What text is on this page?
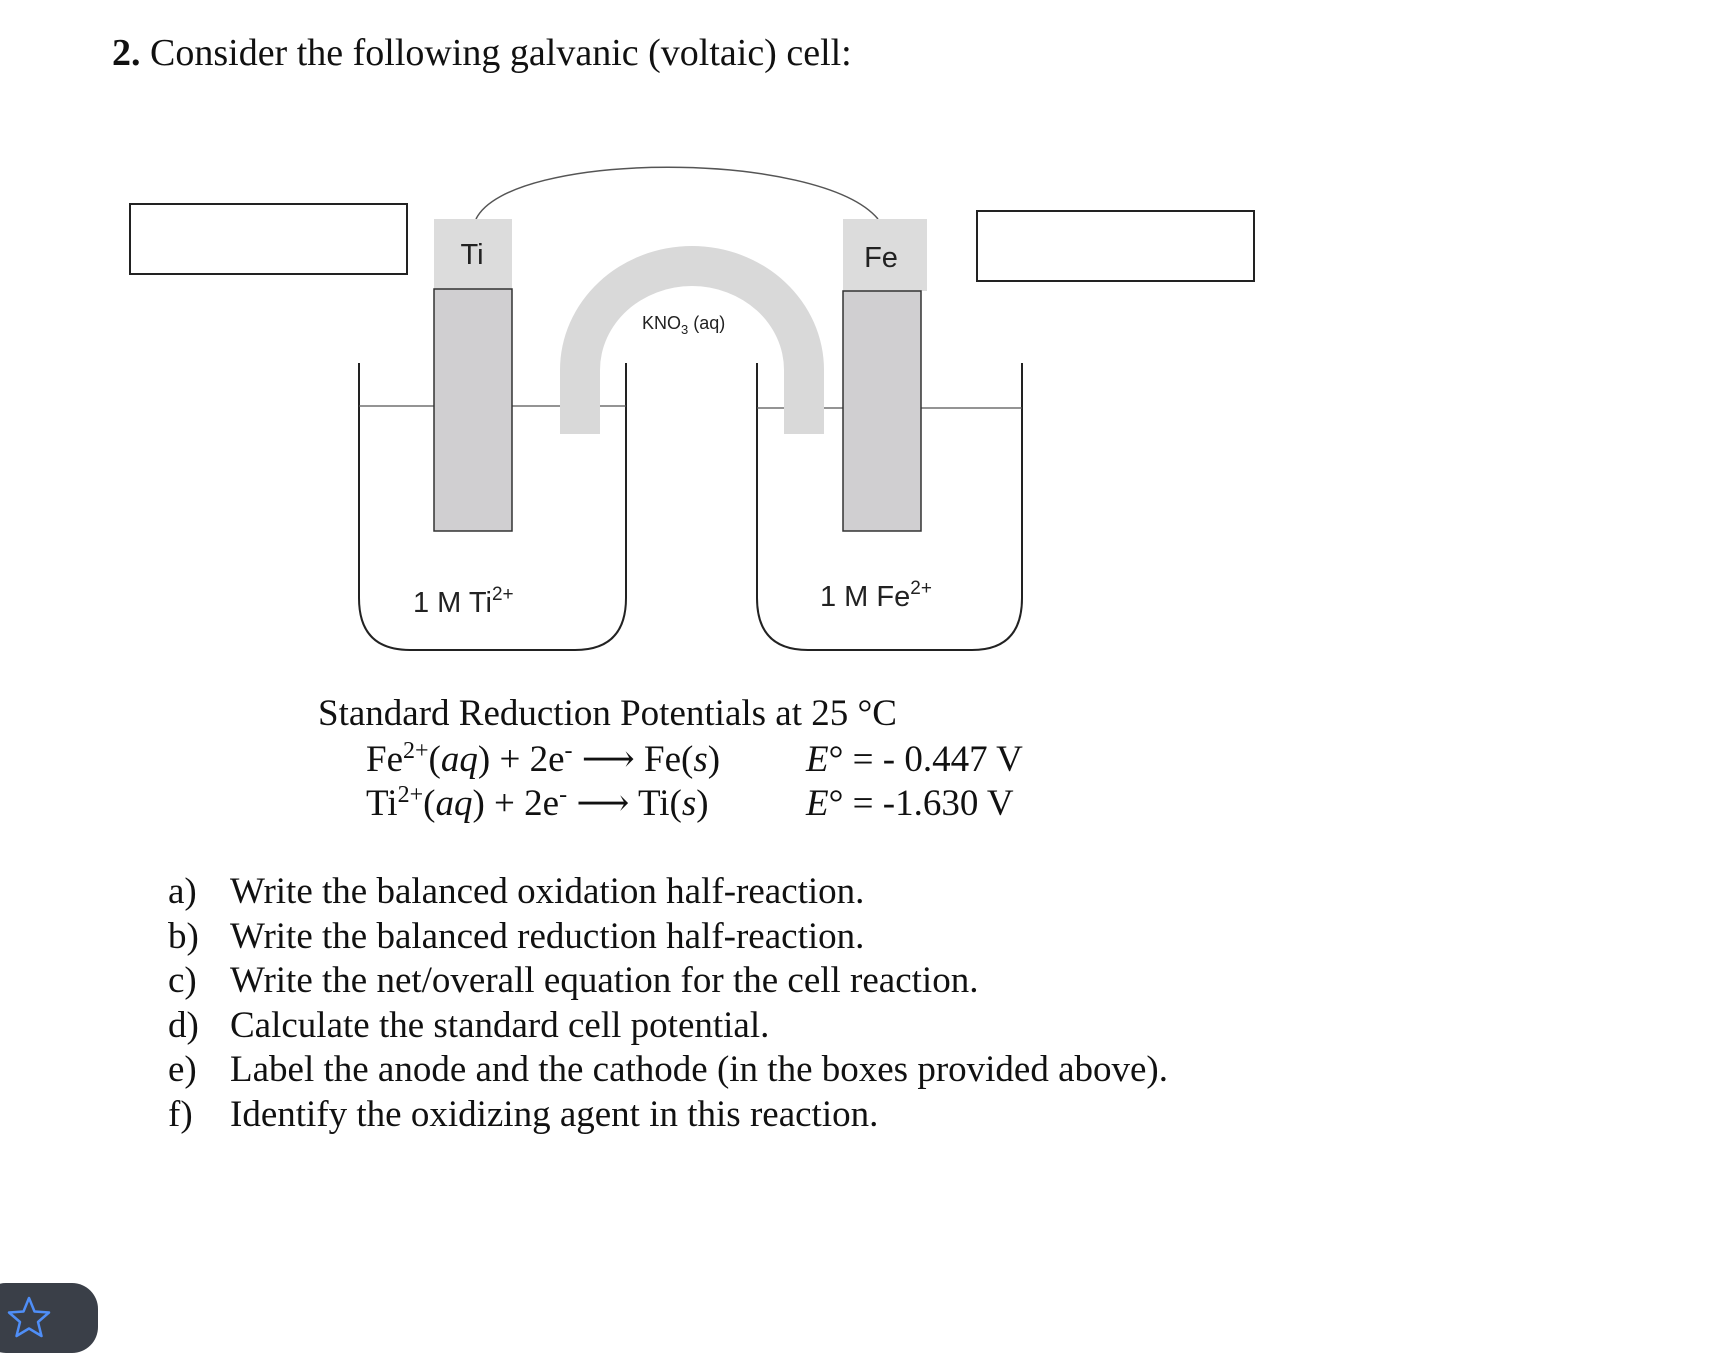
2. Consider the following galvanic (voltaic) cell:
Ti	Fe
$KNO_3$ (aq)
1 M $Ti^{2+}$	1 M $Fe^{2+}$
Standard Reduction Potentials at 25 °C
$Fe^{2+}(aq) + 2e^-$ ⟶ Fe(s) E° = - 0.447 V
$Ti^{2+}(aq) + 2e^-$ ⟶ Ti(s)	E° = -1.630 V
a) Write the balanced oxidation half-reaction.
b) Write the balanced reduction half-reaction.
c) Write the net/overall equation for the cell reaction.
d) Calculate the standard cell potential.
e) Label the anode and the cathode (in the boxes provided above).
f) Identify the oxidizing agent in this reaction.
